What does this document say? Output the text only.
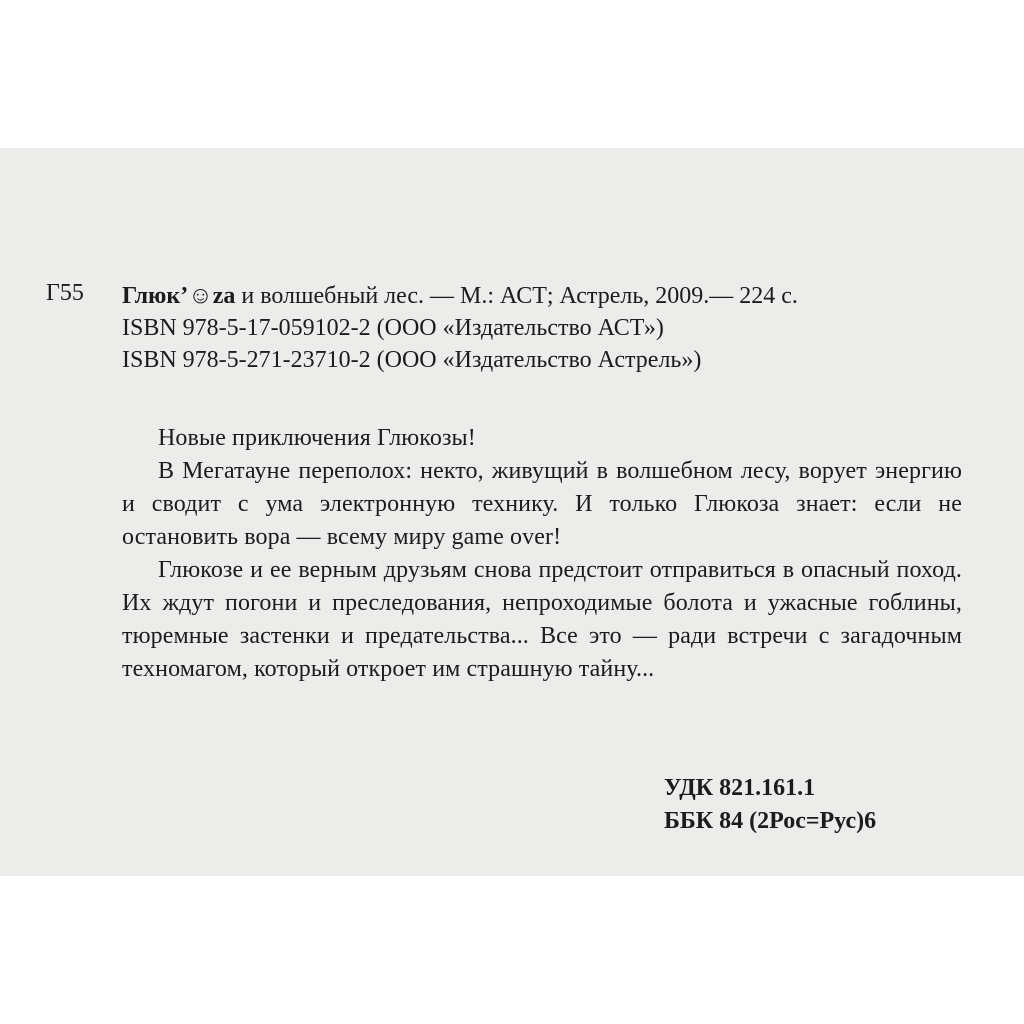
Г55 Глюк’☺za и волшебный лес. — М.: АСТ; Астрель, 2009.— 224 с.
ISBN 978-5-17-059102-2 (ООО «Издательство АСТ»)
ISBN 978-5-271-23710-2 (ООО «Издательство Астрель»)

Новые приключения Глюкозы!

В Мегатауне переполох: некто, живущий в волшебном лесу, ворует энергию и сводит с ума электронную технику. И только Глюкоза знает: если не остановить вора — всему миру game over!

Глюкозе и ее верным друзьям снова предстоит отправиться в опасный поход. Их ждут погони и преследования, непроходимые болота и ужасные гоблины, тюремные застенки и предательства... Все это — ради встречи с загадочным техномагом, который откроет им страшную тайну...

УДК 821.161.1
ББК 84 (2Рос=Рус)6
